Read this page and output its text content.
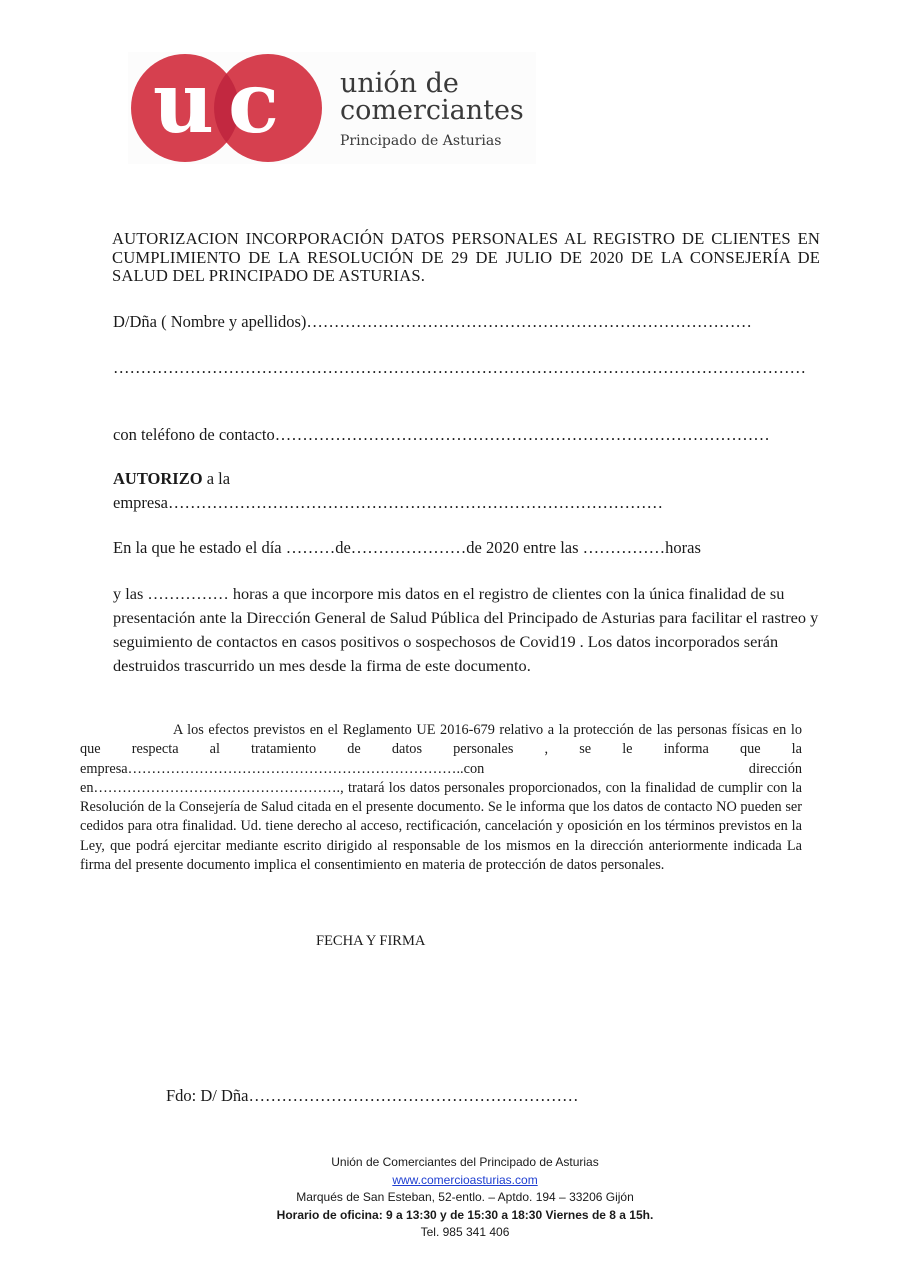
uc unión de
comerciantes
Principado de Asturias
AUTORIZACION INCORPORACIÓN DATOS PERSONALES AL REGISTRO DE CLIENTES EN CUMPLIMIENTO DE LA RESOLUCIÓN DE 29 DE JULIO DE 2020 DE LA CONSEJERÍA DE SALUD DEL PRINCIPADO DE ASTURIAS.
D/Dña ( Nombre y apellidos)………………………………………………………………………
………………………………………………………………………………………………………………
con teléfono de contacto………………………………………………………………………………
AUTORIZO a la
empresa………………………………………………………………………………
En la que he estado el día ………de…………………de 2020 entre las ……………horas
y las …………… horas a que incorpore mis datos en el registro de clientes con la única finalidad de su presentación ante la Dirección General de Salud Pública del Principado de Asturias para facilitar el rastreo y seguimiento de contactos en casos positivos o sospechosos de Covid19 . Los datos incorporados serán destruidos trascurrido un mes desde la firma de este documento.
A los efectos previstos en el Reglamento UE 2016-679 relativo a la protección de las personas físicas en lo que respecta al tratamiento de datos personales , se le informa que la empresa……………………………………………………………..con dirección en……………………………………………., tratará los datos personales proporcionados, con la finalidad de cumplir con la Resolución de la Consejería de Salud citada en el presente documento. Se le informa que los datos de contacto NO pueden ser cedidos para otra finalidad. Ud. tiene derecho al acceso, rectificación, cancelación y oposición en los términos previstos en la Ley, que podrá ejercitar mediante escrito dirigido al responsable de los mismos en la dirección anteriormente indicada La firma del presente documento implica el consentimiento en materia de protección de datos personales.
FECHA Y FIRMA
Fdo: D/ Dña……………………………………………………
Unión de Comerciantes del Principado de Asturias
www.comercioasturias.com
Marqués de San Esteban, 52-entlo. – Aptdo. 194 – 33206 Gijón
Horario de oficina: 9 a 13:30 y de 15:30 a 18:30 Viernes de 8 a 15h.
Tel. 985 341 406
